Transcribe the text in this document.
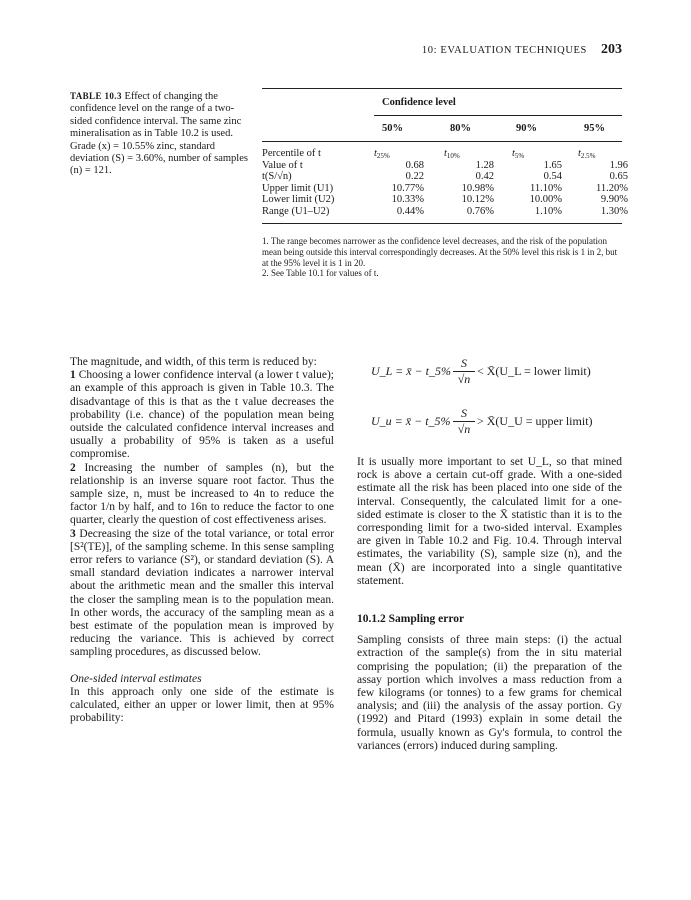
10: EVALUATION TECHNIQUES 203
TABLE 10.3 Effect of changing the confidence level on the range of a two-sided confidence interval. The same zinc mineralisation as in Table 10.2 is used. Grade (x) = 10.55% zinc, standard deviation (S) = 3.60%, number of samples (n) = 121.
Confidence level
50%	80%	90%	95%
Percentile of t	$t_{25\%}$	$t_{10\%}$	$t_{5\%}$	$t_{2.5\%}$
Value of t	0.68	1.28	1.65	1.96
t(S/√n)	0.22	0.42	0.54	0.65
Upper limit (U1)	10.77%	10.98%	11.10%	11.20%
Lower limit (U2)	10.33%	10.12%	10.00%	9.90%
Range (U1–U2)	0.44%	0.76%	1.10%	1.30%
1. The range becomes narrower as the confidence level decreases, and the risk of the population mean being outside this interval correspondingly decreases. At the 50% level this risk is 1 in 2, but at the 95% level it is 1 in 20.
2. See Table 10.1 for values of t.

The magnitude, and width, of this term is reduced by:

1 Choosing a lower confidence interval (a lower t value); an example of this approach is given in Table 10.3. The disadvantage of this is that as the t value decreases the probability (i.e. chance) of the population mean being outside the calculated confidence interval increases and usually a probability of 95% is taken as a useful compromise.

2 Increasing the number of samples (n), but the relationship is an inverse square root factor. Thus the sample size, n, must be increased to 4n to reduce the factor 1/n by half, and to 16n to reduce the factor to one quarter, clearly the question of cost effectiveness arises.

3 Decreasing the size of the total variance, or total error [S²(TE)], of the sampling scheme. In this sense sampling error refers to variance (S²), or standard deviation (S). A small standard deviation indicates a narrower interval about the arithmetic mean and the smaller this interval the closer the sampling mean is to the population mean. In other words, the accuracy of the sampling mean as a best estimate of the population mean is improved by reducing the variance. This is achieved by correct sampling procedures, as discussed below.

One-sided interval estimates

In this approach only one side of the estimate is calculated, either an upper or lower limit, then at 95% probability:

U_L = x̄ − t_5% $\frac{S}{√n}$ < X̄(U_L = lower limit)
U_u = x̄ − t_5% $\frac{S}{√n}$ > X̄(U_U = upper limit)

It is usually more important to set U_L, so that mined rock is above a certain cut-off grade. With a one-sided estimate all the risk has been placed into one side of the interval. Consequently, the calculated limit for a one-sided estimate is closer to the X̄ statistic than it is to the corresponding limit for a two-sided interval. Examples are given in Table 10.2 and Fig. 10.4. Through interval estimates, the variability (S), sample size (n), and the mean (X̄) are incorporated into a single quantitative statement.

10.1.2 Sampling error

Sampling consists of three main steps: (i) the actual extraction of the sample(s) from the in situ material comprising the population; (ii) the preparation of the assay portion which involves a mass reduction from a few kilograms (or tonnes) to a few grams for chemical analysis; and (iii) the analysis of the assay portion. Gy (1992) and Pitard (1993) explain in some detail the formula, usually known as Gy's formula, to control the variances (errors) induced during sampling.
